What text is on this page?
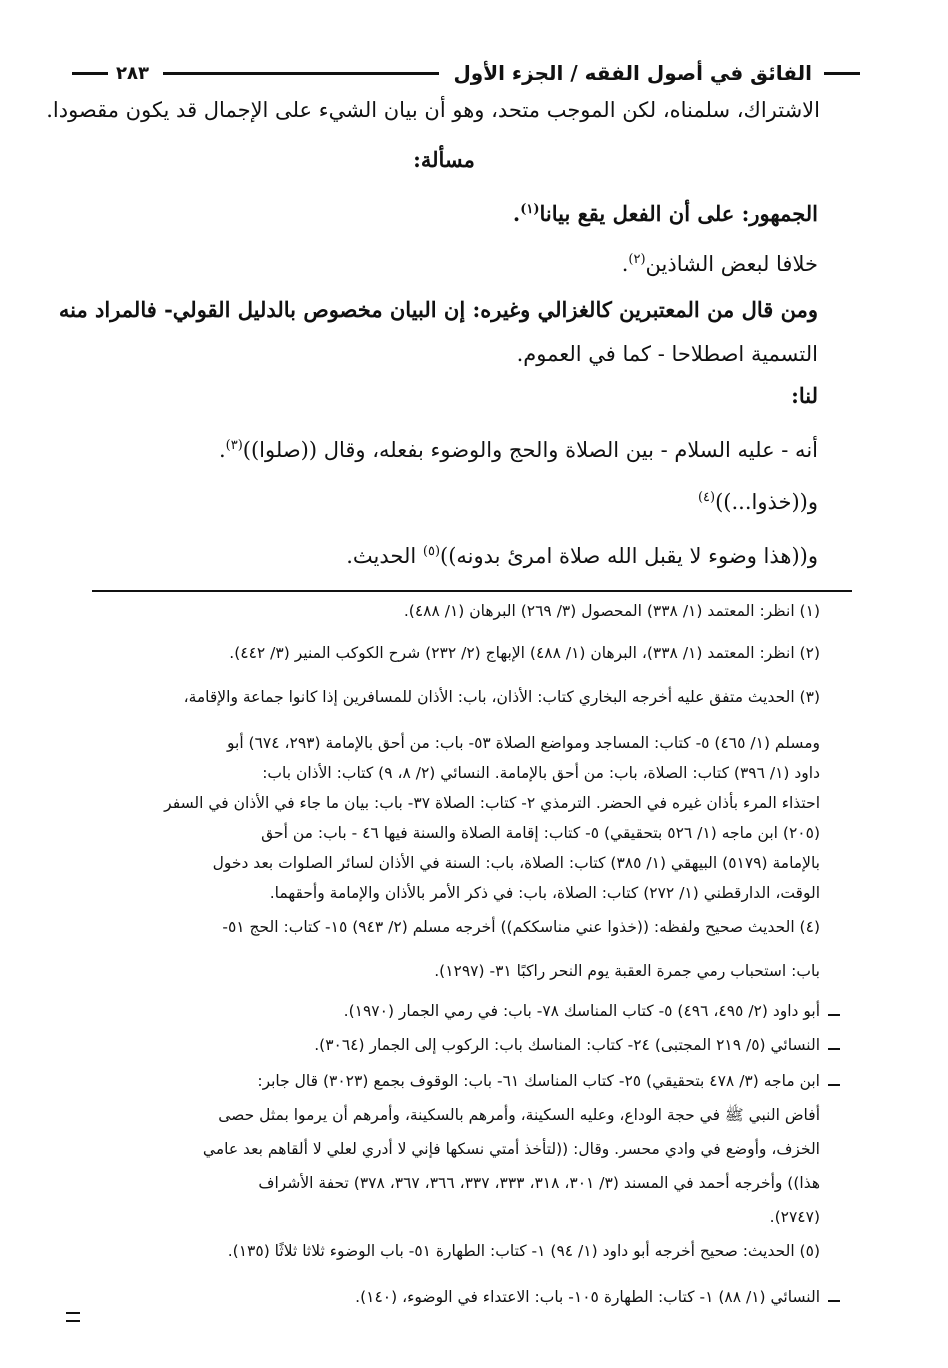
الفائق في أصول الفقه / الجزء الأول
٢٨٣
الاشتراك، سلمناه، لكن الموجب متحد، وهو أن بيان الشيء على الإجمال قد يكون مقصودا.
مسألة:
الجمهور: على أن الفعل يقع بيانا$^{(١)}$.
خلافا لبعض الشاذين$^{(٢)}$.
ومن قال من المعتبرين كالغزالي وغيره: إن البيان مخصوص بالدليل القولي- فالمراد منه
التسمية اصطلاحا - كما في العموم.
لنا:
أنه - عليه السلام - بين الصلاة والحج والوضوء بفعله، وقال ((صلوا))$^{(٣)}$.
و((خذوا...))$^{(٤)}$
و((هذا وضوء لا يقبل الله صلاة امرئ بدونه))$^{(٥)}$ الحديث.
(١) انظر: المعتمد (١/ ٣٣٨) المحصول (٣/ ٢٦٩) البرهان (١/ ٤٨٨).
(٢) انظر: المعتمد (١/ ٣٣٨)، البرهان (١/ ٤٨٨) الإبهاج (٢/ ٢٣٢) شرح الكوكب المنير (٣/ ٤٤٢).
(٣) الحديث متفق عليه أخرجه البخاري كتاب: الأذان، باب: الأذان للمسافرين إذا كانوا جماعة والإقامة،
ومسلم (١/ ٤٦٥) ٥- كتاب: المساجد ومواضع الصلاة ٥٣- باب: من أحق بالإمامة (٢٩٣، ٦٧٤) أبو
داود (١/ ٣٩٦) كتاب: الصلاة، باب: من أحق بالإمامة. النسائي (٢/ ٨، ٩) كتاب: الأذان باب:
احتذاء المرء بأذان غيره في الحضر. الترمذي ٢- كتاب: الصلاة ٣٧- باب: بيان ما جاء في الأذان في السفر
(٢٠٥) ابن ماجه (١/ ٥٢٦ بتحقيقي) ٥- كتاب: إقامة الصلاة والسنة فيها ٤٦ - باب: من أحق
بالإمامة (٥١٧٩) البيهقي (١/ ٣٨٥) كتاب: الصلاة، باب: السنة في الأذان لسائر الصلوات بعد دخول
الوقت، الدارقطني (١/ ٢٧٢) كتاب: الصلاة، باب: في ذكر الأمر بالأذان والإمامة وأحقهما.
(٤) الحديث صحيح ولفظه: ((خذوا عني مناسككم)) أخرجه مسلم (٢/ ٩٤٣) ١٥- كتاب: الحج ٥١-
باب: استحباب رمي جمرة العقبة يوم النحر راكبًا ٣١- (١٢٩٧).
أبو داود (٢/ ٤٩٥، ٤٩٦) ٥- كتاب المناسك ٧٨- باب: في رمي الجمار (١٩٧٠).
النسائي (٥/ ٢١٩ المجتبى) ٢٤- كتاب: المناسك باب: الركوب إلى الجمار (٣٠٦٤).
ابن ماجه (٣/ ٤٧٨ بتحقيقي) ٢٥- كتاب المناسك ٦١- باب: الوقوف بجمع (٣٠٢٣) قال جابر:
أفاض النبي ﷺ في حجة الوداع، وعليه السكينة، وأمرهم بالسكينة، وأمرهم أن يرموا بمثل حصى
الخزف، وأوضع في وادي محسر. وقال: ((لتأخذ أمتي نسكها فإني لا أدري لعلي لا ألقاهم بعد عامي
هذا)) وأخرجه أحمد في المسند (٣/ ٣٠١، ٣١٨، ٣٣٣، ٣٣٧، ٣٦٦، ٣٦٧، ٣٧٨) تحفة الأشراف
(٢٧٤٧).
(٥) الحديث: صحيح أخرجه أبو داود (١/ ٩٤) ١- كتاب: الطهارة ٥١- باب الوضوء ثلاثا ثلاثًا (١٣٥).
النسائي (١/ ٨٨) ١- كتاب: الطهارة ١٠٥- باب: الاعتداء في الوضوء، (١٤٠).
